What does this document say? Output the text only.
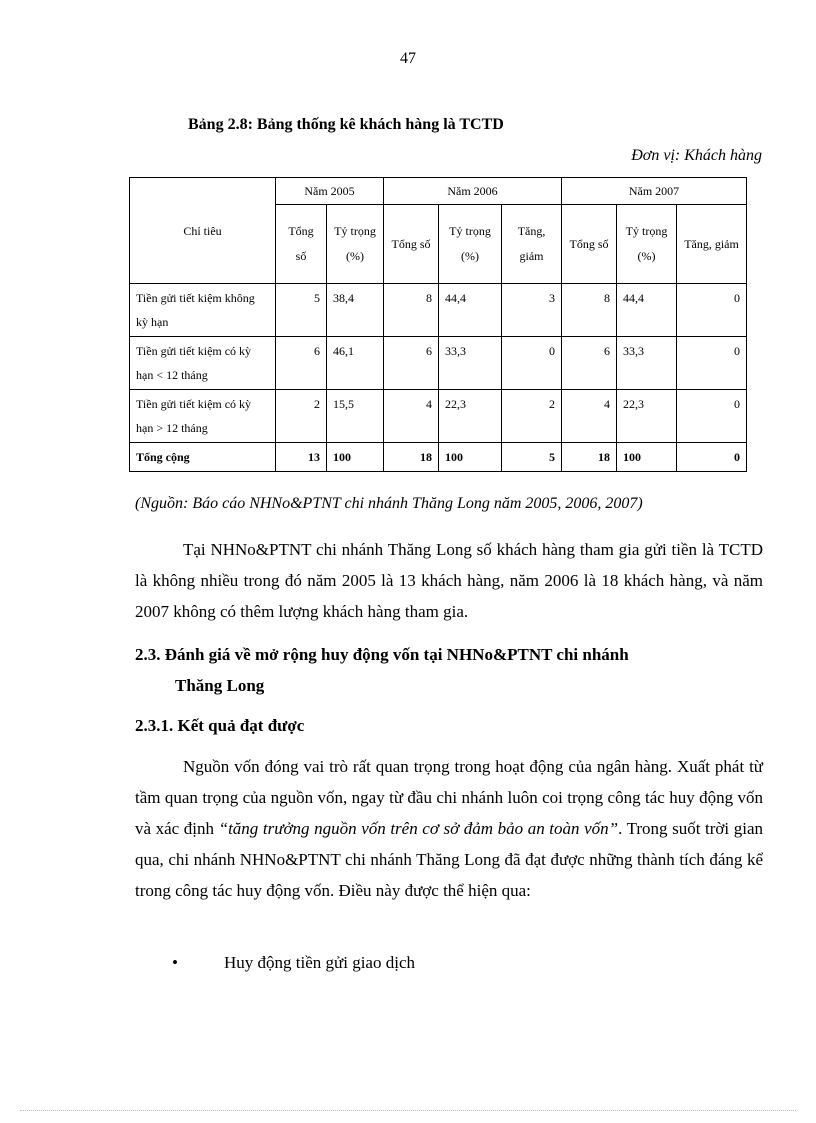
47
Bảng 2.8: Bảng thống kê khách hàng là TCTD
Đơn vị: Khách hàng
Chỉ tiêu	Năm 2005		Năm 2006			Năm 2007		
	Tổng số	Tỷ trọng (%)	Tổng số	Tỷ trọng (%)	Tăng, giảm	Tổng số	Tỷ trọng (%)	Tăng, giảm
Tiền gửi tiết kiệm không kỳ hạn	5	38,4	8	44,4	3	8	44,4	0
Tiền gửi tiết kiệm có kỳ hạn < 12 tháng	6	46,1	6	33,3	0	6	33,3	0
Tiền gửi tiết kiệm có kỳ hạn > 12 tháng	2	15,5	4	22,3	2	4	22,3	0
Tổng cộng	13	100	18	100	5	18	100	0
(Nguồn: Báo cáo NHNo&PTNT chi nhánh Thăng Long năm 2005, 2006, 2007)
Tại NHNo&PTNT chi nhánh Thăng Long số khách hàng tham gia gửi tiền là TCTD là không nhiều trong đó năm 2005 là 13 khách hàng, năm 2006 là 18 khách hàng, và năm 2007 không có thêm lượng khách hàng tham gia.
2.3. Đánh giá về mở rộng huy động vốn tại NHNo&PTNT chi nhánh
Thăng Long
2.3.1. Kết quả đạt được
Nguồn vốn đóng vai trò rất quan trọng trong hoạt động của ngân hàng. Xuất phát từ tầm quan trọng của nguồn vốn, ngay từ đầu chi nhánh luôn coi trọng công tác huy động vốn và xác định “tăng trưởng nguồn vốn trên cơ sở đảm bảo an toàn vốn”. Trong suốt trời gian qua, chi nhánh NHNo&PTNT chi nhánh Thăng Long đã đạt được những thành tích đáng kể trong công tác huy động vốn. Điều này được thể hiện qua:
•	Huy động tiền gửi giao dịch
